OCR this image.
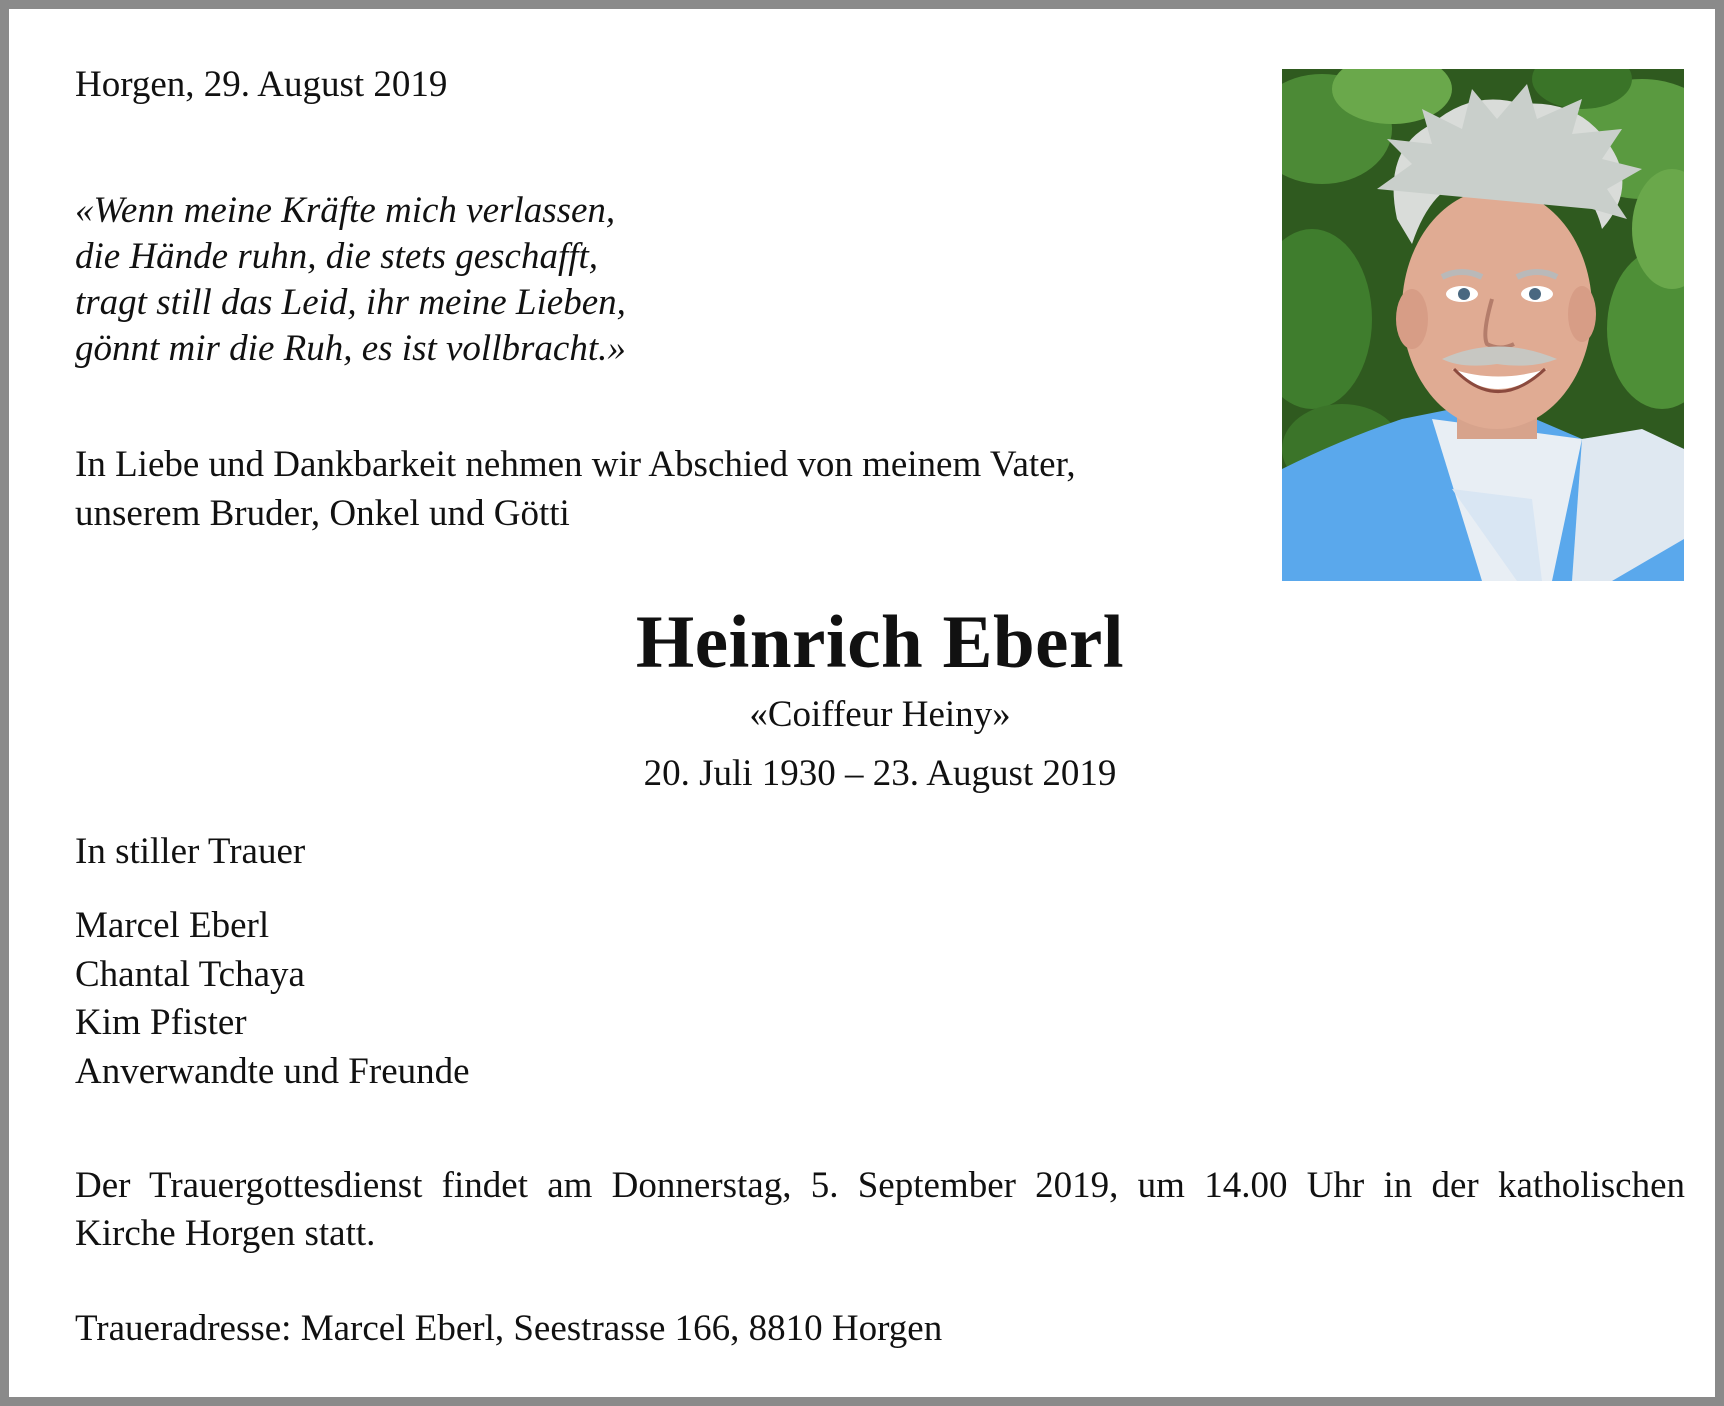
Horgen, 29. August 2019
«Wenn meine Kräfte mich verlassen,
die Hände ruhn, die stets geschafft,
tragt still das Leid, ihr meine Lieben,
gönnt mir die Ruh, es ist vollbracht.»
In Liebe und Dankbarkeit nehmen wir Abschied von meinem Vater,
unserem Bruder, Onkel und Götti
Heinrich Eberl
«Coiffeur Heiny»
20. Juli 1930 – 23. August 2019
In stiller Trauer
Marcel Eberl
Chantal Tchaya
Kim Pfister
Anverwandte und Freunde
Der Trauergottesdienst findet am Donnerstag, 5. September 2019, um 14.00 Uhr in der katholischen
Kirche Horgen statt.
Traueradresse: Marcel Eberl, Seestrasse 166, 8810 Horgen
